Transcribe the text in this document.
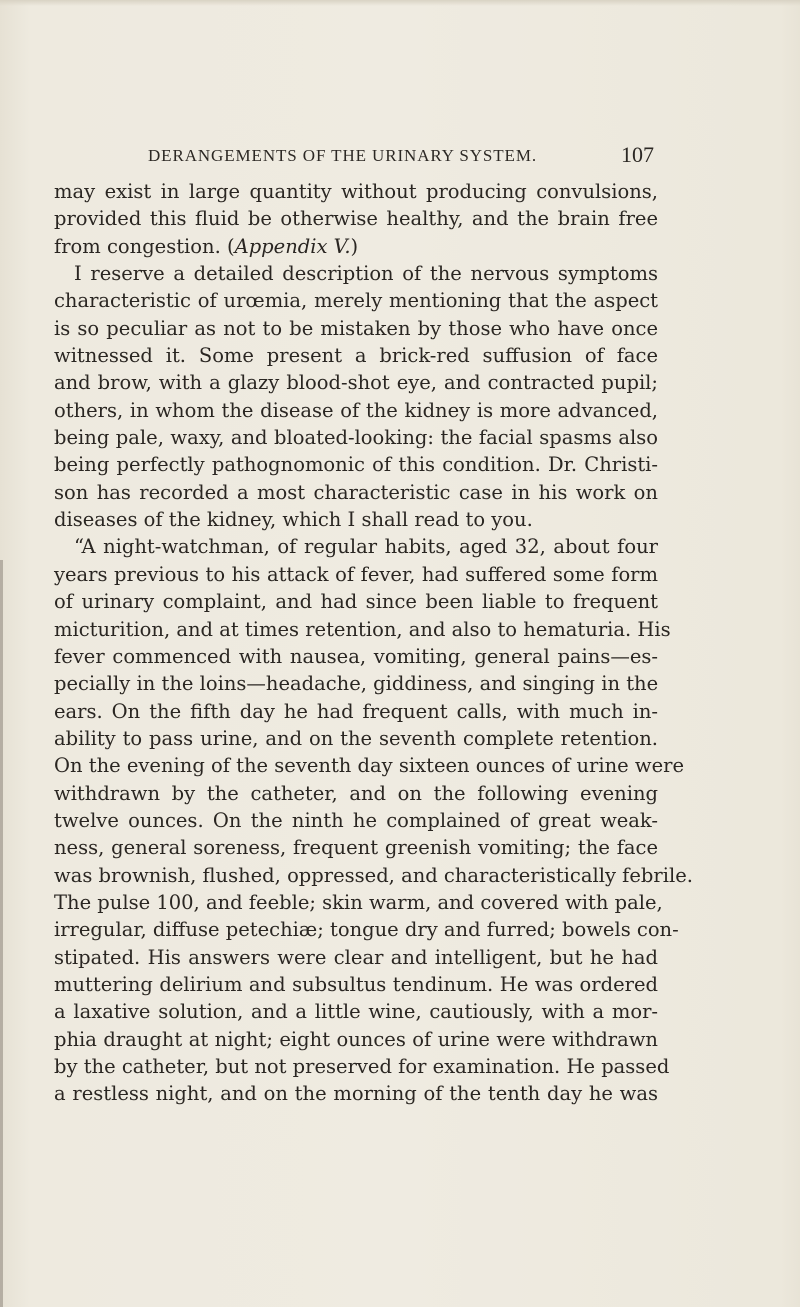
DERANGEMENTS OF THE URINARY SYSTEM.	107
may exist in large quantity without producing convulsions,
provided this fluid be otherwise healthy, and the brain free
from congestion. (Appendix V.)
I reserve a detailed description of the nervous symptoms
characteristic of urœmia, merely mentioning that the aspect
is so peculiar as not to be mistaken by those who have once
witnessed it. Some present a brick-red suffusion of face
and brow, with a glazy blood-shot eye, and contracted pupil;
others, in whom the disease of the kidney is more advanced,
being pale, waxy, and bloated-looking: the facial spasms also
being perfectly pathognomonic of this condition. Dr. Christi-
son has recorded a most characteristic case in his work on
diseases of the kidney, which I shall read to you.
“A night-watchman, of regular habits, aged 32, about four
years previous to his attack of fever, had suffered some form
of urinary complaint, and had since been liable to frequent
micturition, and at times retention, and also to hematuria. His
fever commenced with nausea, vomiting, general pains—es-
pecially in the loins—headache, giddiness, and singing in the
ears. On the fifth day he had frequent calls, with much in-
ability to pass urine, and on the seventh complete retention.
On the evening of the seventh day sixteen ounces of urine were
withdrawn by the catheter, and on the following evening
twelve ounces. On the ninth he complained of great weak-
ness, general soreness, frequent greenish vomiting; the face
was brownish, flushed, oppressed, and characteristically febrile.
The pulse 100, and feeble; skin warm, and covered with pale,
irregular, diffuse petechiæ; tongue dry and furred; bowels con-
stipated. His answers were clear and intelligent, but he had
muttering delirium and subsultus tendinum. He was ordered
a laxative solution, and a little wine, cautiously, with a mor-
phia draught at night; eight ounces of urine were withdrawn
by the catheter, but not preserved for examination. He passed
a restless night, and on the morning of the tenth day he was
